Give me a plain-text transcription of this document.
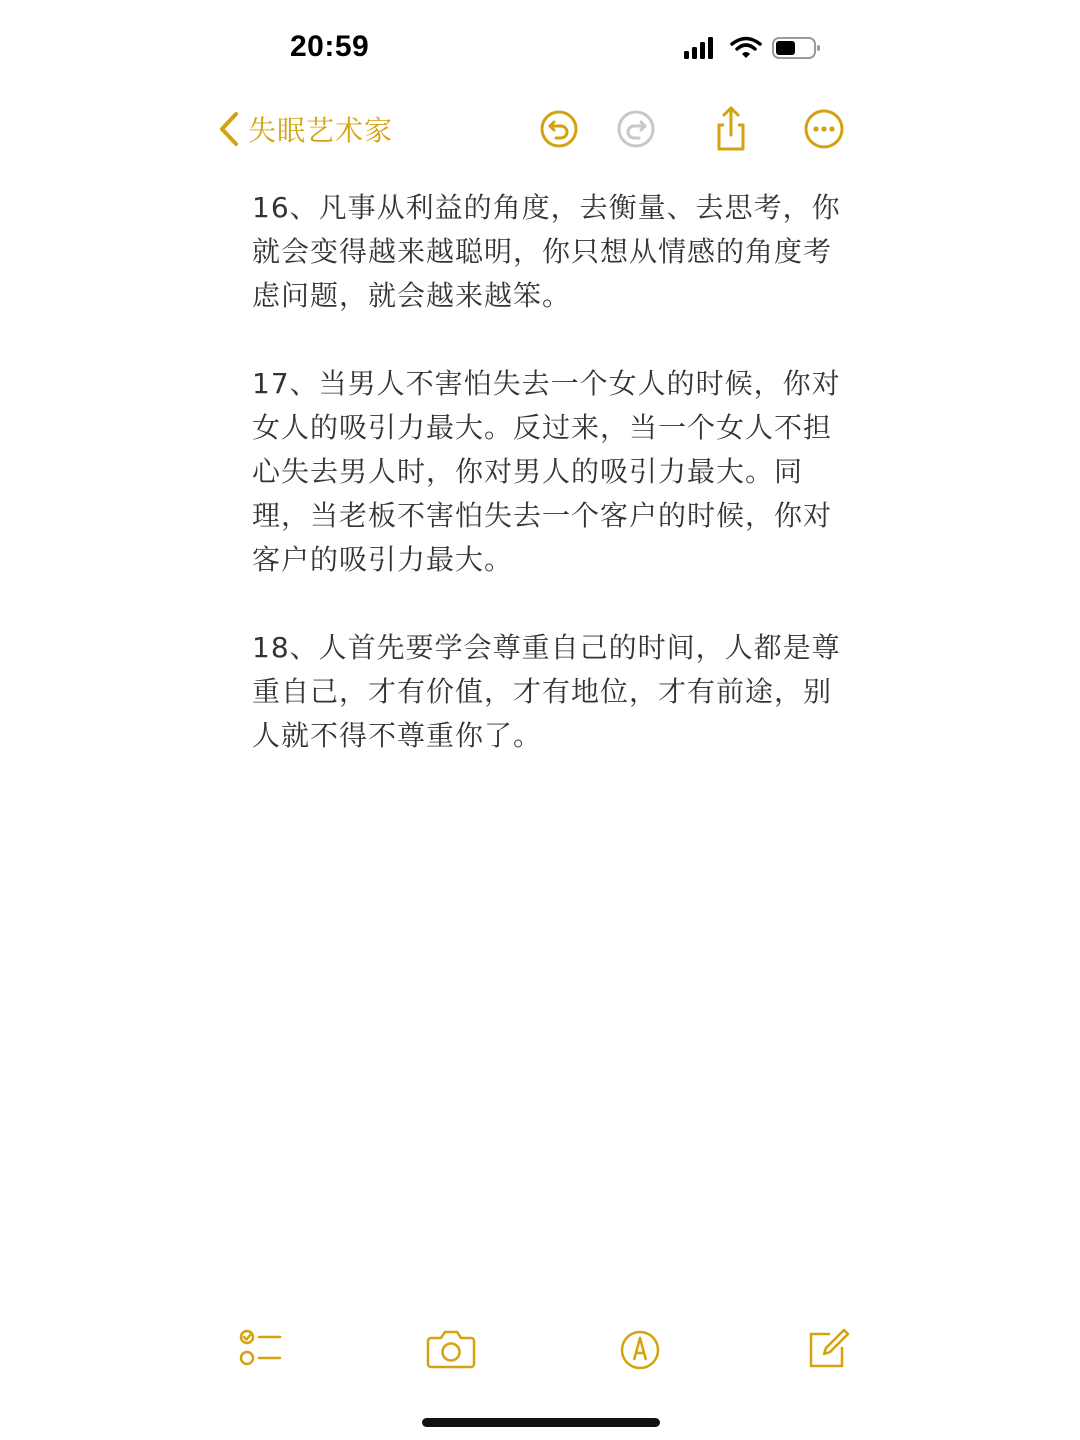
20:59
失眠艺术家

16、凡事从利益的角度，去衡量、去思考，你就会变得越来越聪明，你只想从情感的角度考虑问题，就会越来越笨。

17、当男人不害怕失去一个女人的时候，你对女人的吸引力最大。反过来，当一个女人不担心失去男人时，你对男人的吸引力最大。同理，当老板不害怕失去一个客户的时候，你对客户的吸引力最大。

18、人首先要学会尊重自己的时间，人都是尊重自己，才有价值，才有地位，才有前途，别人就不得不尊重你了。
